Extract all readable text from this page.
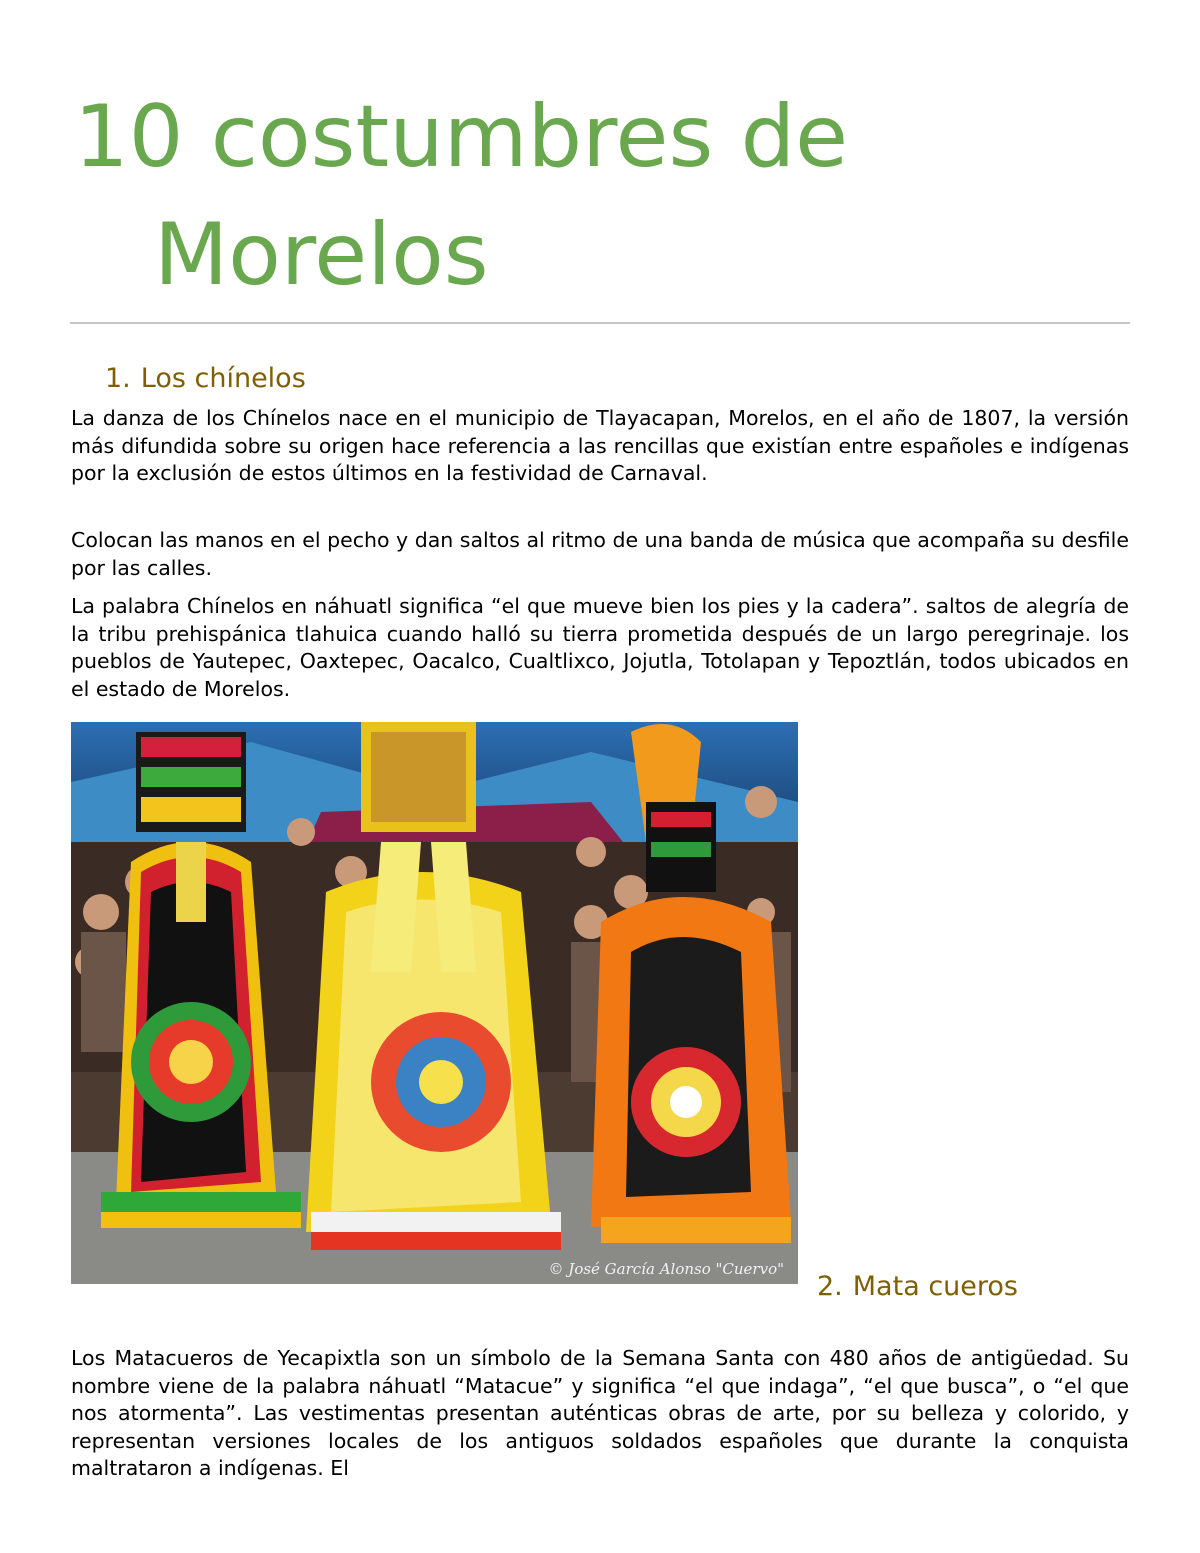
10 costumbres de
Morelos
1. Los chínelos

La danza de los Chínelos nace en el municipio de Tlayacapan, Morelos, en el año de 1807, la versión más difundida sobre su origen hace referencia a las rencillas que existían entre españoles e indígenas por la exclusión de estos últimos en la festividad de Carnaval.

Colocan las manos en el pecho y dan saltos al ritmo de una banda de música que acompaña su desfile por las calles.

La palabra Chínelos en náhuatl significa “el que mueve bien los pies y la cadera”. saltos de alegría de la tribu prehispánica tlahuica cuando halló su tierra prometida después de un largo peregrinaje. los pueblos de Yautepec, Oaxtepec, Oacalco, Cualtlixco, Jojutla, Totolapan y Tepoztlán, todos ubicados en el estado de Morelos.

© José García Alonso "Cuervo"
2. Mata cueros

Los Matacueros de Yecapixtla son un símbolo de la Semana Santa con 480 años de antigüedad. Su nombre viene de la palabra náhuatl “Matacue” y significa “el que indaga”, “el que busca”, o “el que nos atormenta”. Las vestimentas presentan auténticas obras de arte, por su belleza y colorido, y representan versiones locales de los antiguos soldados españoles que durante la conquista maltrataron a indígenas. El
